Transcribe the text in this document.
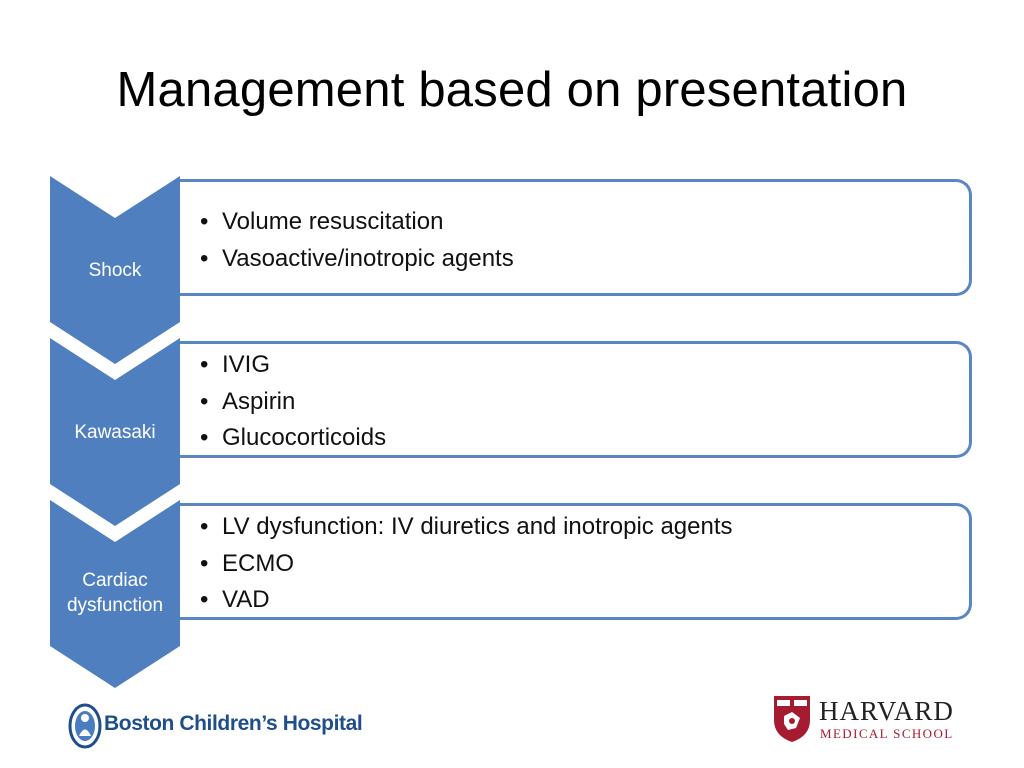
Management based on presentation
Shock
• Volume resuscitation
• Vasoactive/inotropic agents
Kawasaki
• IVIG
• Aspirin
• Glucocorticoids
Cardiac
dysfunction
• LV dysfunction: IV diuretics and inotropic agents
• ECMO
• VAD
Boston Children’s Hospital	HARVARD
MEDICAL SCHOOL
